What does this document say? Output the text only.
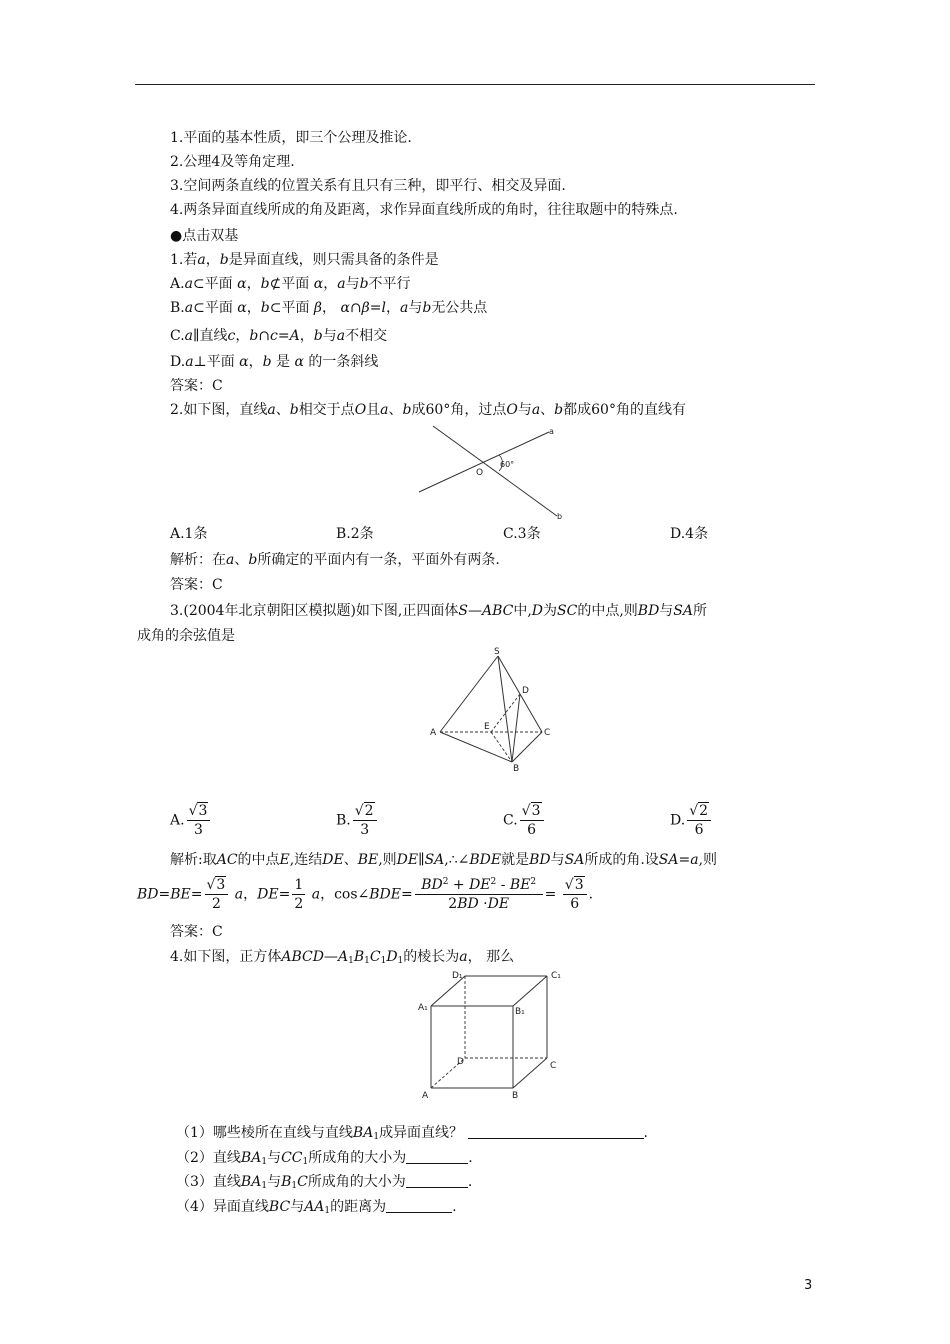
1.平面的基本性质，即三个公理及推论.
2.公理4及等角定理.
3.空间两条直线的位置关系有且只有三种，即平行、相交及异面.
4.两条异面直线所成的角及距离，求作异面直线所成的角时，往往取题中的特殊点.
●点击双基
1.若a，b是异面直线，则只需具备的条件是
A.a⊂平面 α，b⊄平面 α，a与b不平行
B.a⊂平面 α，b⊂平面 β， α∩β=l，a与b无公共点
C.a∥直线c，b∩c=A，b与a不相交
D.a⊥平面 α，b 是 α 的一条斜线
答案：C
2.如下图，直线a、b相交于点O且a、b成60°角，过点O与a、b都成60°角的直线有
a
b
O
60°
A.1条	B.2条	C.3条	D.4条
解析：在a、b所确定的平面内有一条，平面外有两条.
答案：C
3.(2004年北京朝阳区模拟题)如下图,正四面体S—ABC中,D为SC的中点,则BD与SA所
成角的余弦值是
S
A	C
B
D
E
A. $\frac{√3}{3}$	B. $\frac{√2}{3}$	C. $\frac{√3}{6}$	D. $\frac{√2}{6}$
解析:取AC的中点E,连结DE、BE,则DE∥SA,∴∠BDE就是BD与SA所成的角.设SA=a,则
$BD=BE= \frac{√3}{2}$ a，$DE= \frac{1}{2}$ a，cos∠BDE= $\frac{BD^2 + DE^2 - BE^2}{2BD \cdot DE} = \frac{√3}{6}$ .
答案：C
4.如下图，正方体$ABCD—A_1B_1C_1D_1$的棱长为a， 那么
D₁	C₁
A₁	B₁
D	C
A	B
（1）哪些棱所在直线与直线$BA_1$成异面直线？	.
（2）直线$BA_1$与$CC_1$所成角的大小为	.
（3）直线$BA_1$与$B_1C$所成角的大小为	.
（4）异面直线BC与$AA_1$的距离为	.
3
